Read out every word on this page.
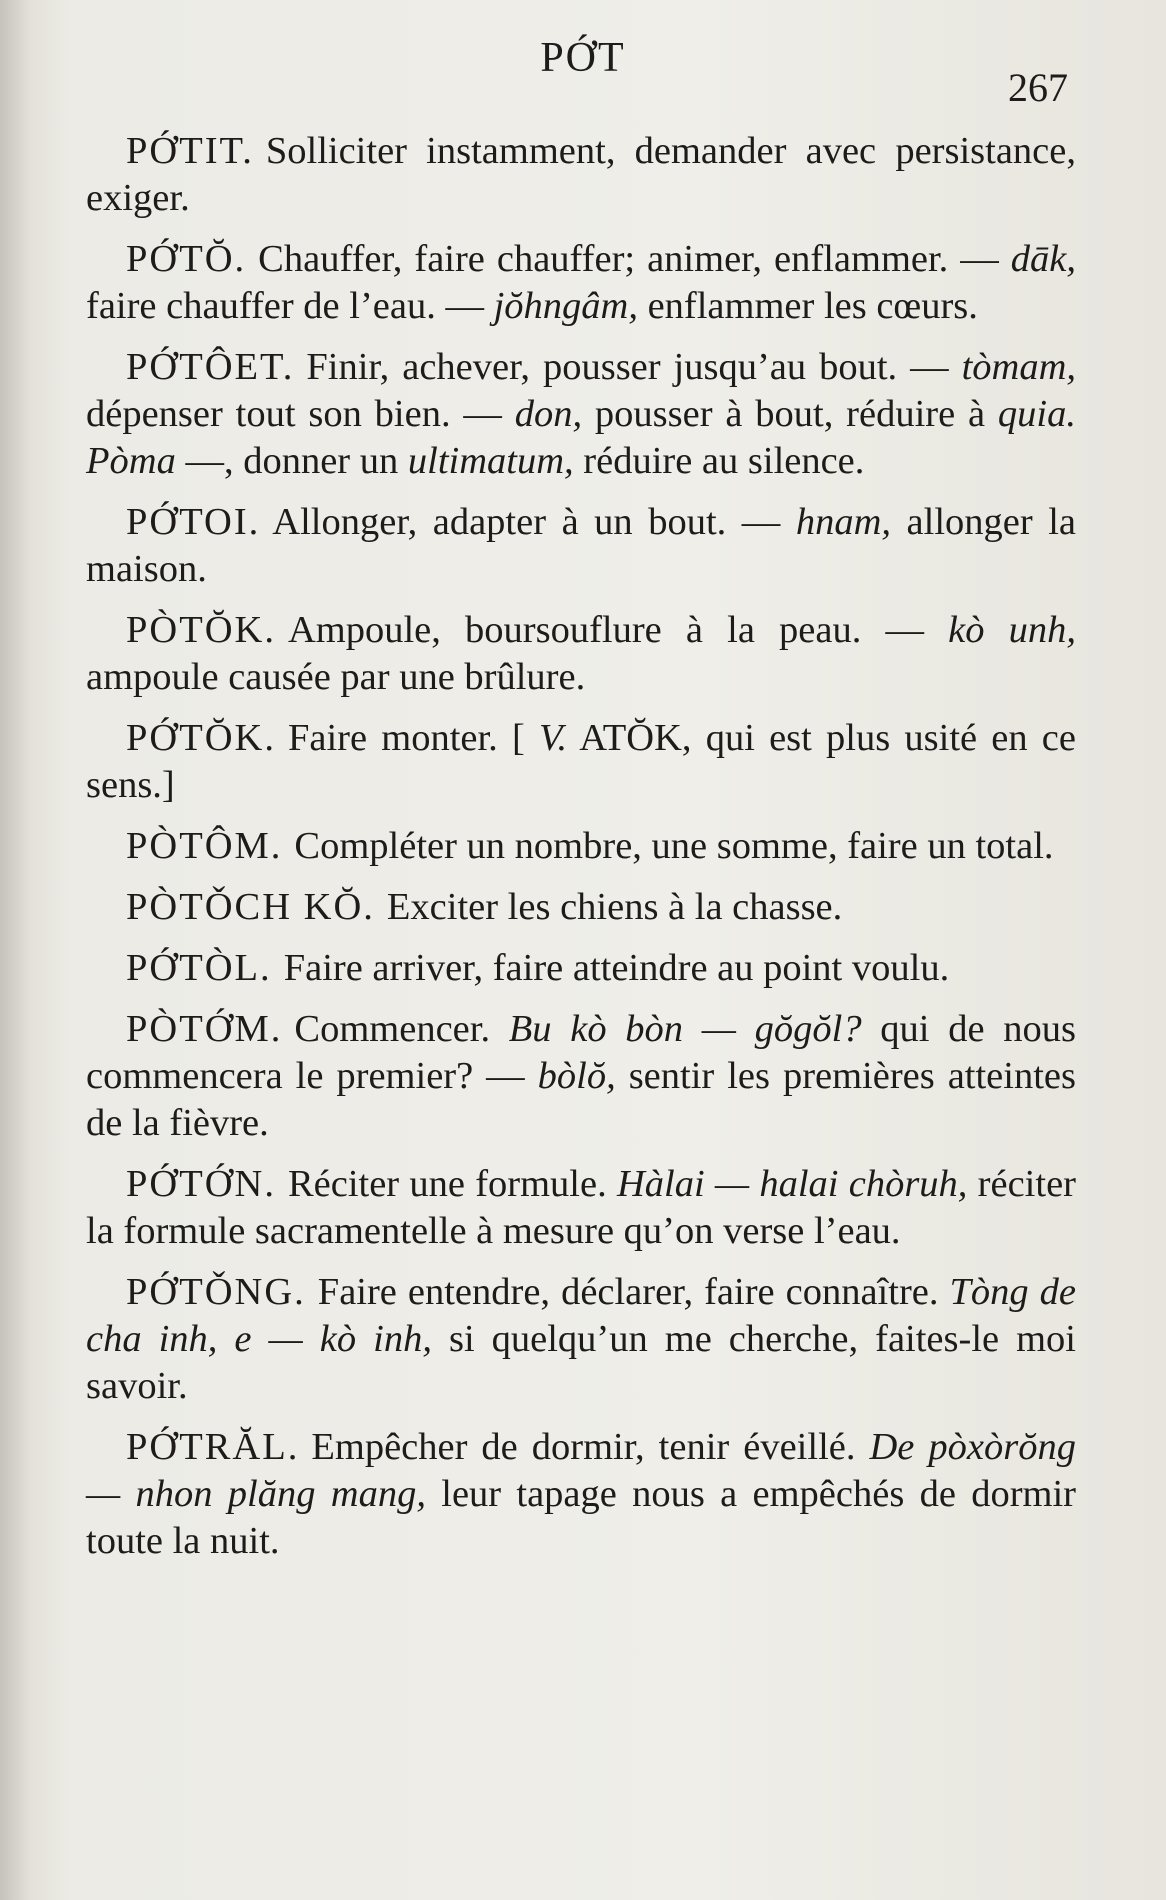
PỚT
267

PỚTIT. Solliciter instamment, demander avec persistance, exiger.

PỚTŎ. Chauffer, faire chauffer; animer, enflammer. — dāk, faire chauffer de l’eau. — jŏhngâm, enflammer les cœurs.

PỚTÔET. Finir, achever, pousser jusqu’au bout. — tòmam, dépenser tout son bien. — don, pousser à bout, réduire à quia. Pòma —, donner un ultimatum, réduire au silence.

PỚTOI. Allonger, adapter à un bout. — hnam, allonger la maison.

PÒTŎK. Ampoule, boursouflure à la peau. — kò unh, ampoule causée par une brûlure.

PỚTŎK. Faire monter. [ V. ATŎK, qui est plus usité en ce sens.]

PÒTÔM. Compléter un nombre, une somme, faire un total.

PÒTǑCH KŎ. Exciter les chiens à la chasse.

PỚTÒL. Faire arriver, faire atteindre au point voulu.

PÒTỚM. Commencer. Bu kò bòn — gŏgŏl? qui de nous commencera le premier? — bòlŏ, sentir les premières atteintes de la fièvre.

PỚTỚN. Réciter une formule. Hàlai — halai chòruh, réciter la formule sacramentelle à mesure qu’on verse l’eau.

PỚTǑNG. Faire entendre, déclarer, faire connaître. Tòng de cha inh, e — kò inh, si quelqu’un me cherche, faites-le moi savoir.

PỚTRĂL. Empêcher de dormir, tenir éveillé. De pòxòrŏng — nhon plăng mang, leur tapage nous a empêchés de dormir toute la nuit.
